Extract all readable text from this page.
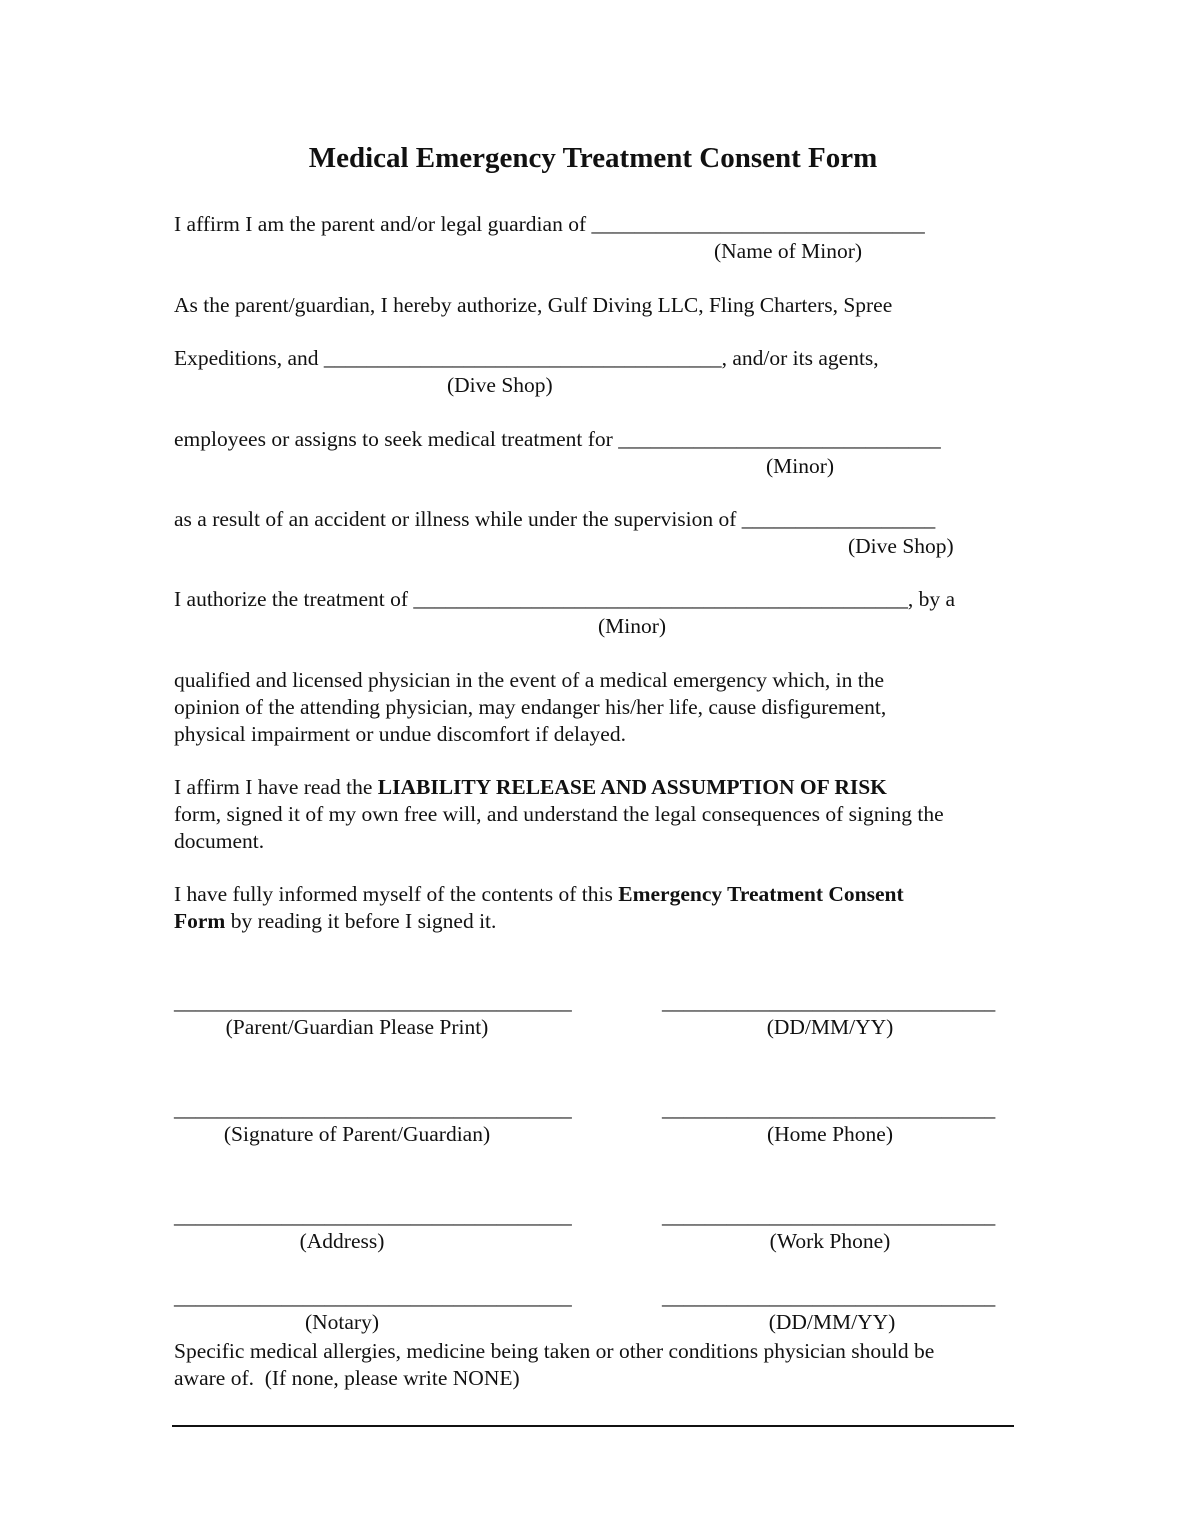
Medical Emergency Treatment Consent Form
I affirm I am the parent and/or legal guardian of _______________________________
(Name of Minor)
As the parent/guardian, I hereby authorize, Gulf Diving LLC, Fling Charters, Spree
Expeditions, and _____________________________________, and/or its agents,
(Dive Shop)
employees or assigns to seek medical treatment for ______________________________
(Minor)
as a result of an accident or illness while under the supervision of __________________
(Dive Shop)
I authorize the treatment of ______________________________________________, by a
(Minor)
qualified and licensed physician in the event of a medical emergency which, in the
opinion of the attending physician, may endanger his/her life, cause disfigurement,
physical impairment or undue discomfort if delayed.
I affirm I have read the LIABILITY RELEASE AND ASSUMPTION OF RISK
form, signed it of my own free will, and understand the legal consequences of signing the
document.
I have fully informed myself of the contents of this Emergency Treatment Consent
Form by reading it before I signed it.
_____________________________________	_______________________________
(Parent/Guardian Please Print)	(DD/MM/YY)
_____________________________________	_______________________________
(Signature of Parent/Guardian)	(Home Phone)
_____________________________________	_______________________________
(Address)	(Work Phone)
_____________________________________	_______________________________
(Notary)	(DD/MM/YY)
Specific medical allergies, medicine being taken or other conditions physician should be
aware of.  (If none, please write NONE)
